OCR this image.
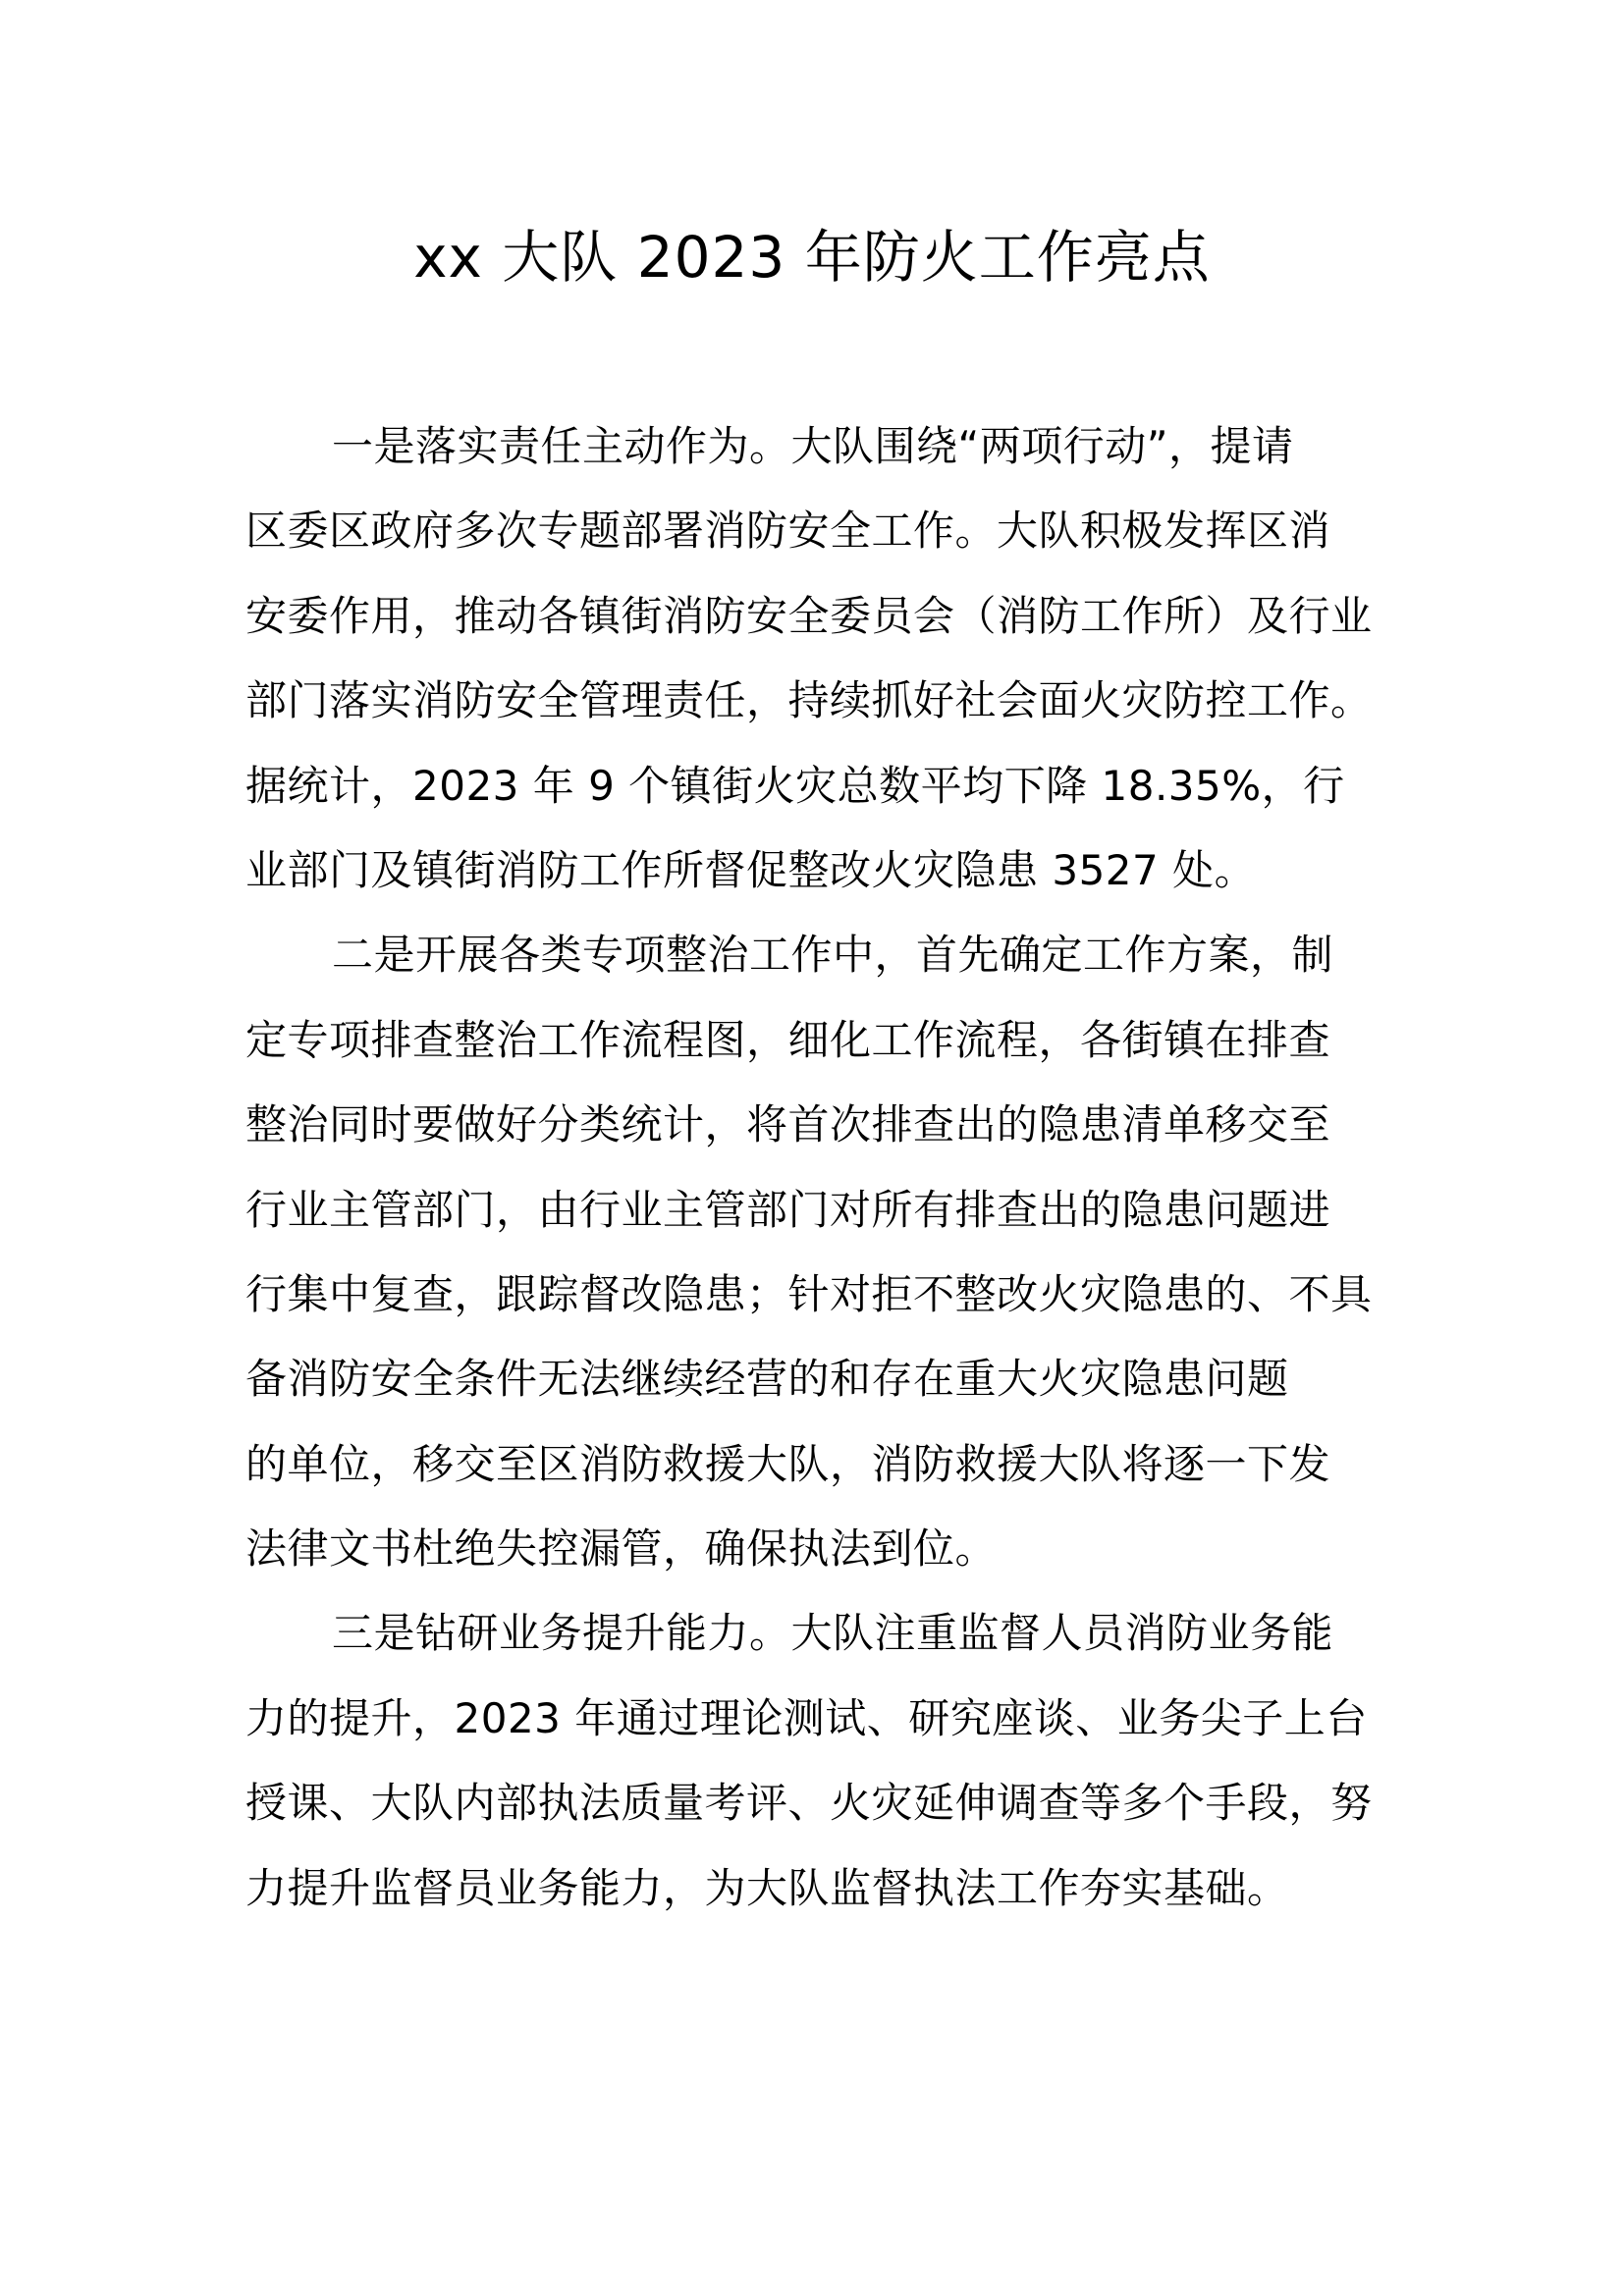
xx 大队 2023 年防火工作亮点
一是落实责任主动作为。大队围绕“两项行动”，提请
区委区政府多次专题部署消防安全工作。大队积极发挥区消
安委作用，推动各镇街消防安全委员会（消防工作所）及行业
部门落实消防安全管理责任，持续抓好社会面火灾防控工作。
据统计，2023 年 9 个镇街火灾总数平均下降 18.35%，行
业部门及镇街消防工作所督促整改火灾隐患 3527 处。
二是开展各类专项整治工作中，首先确定工作方案，制
定专项排查整治工作流程图，细化工作流程，各街镇在排查
整治同时要做好分类统计，将首次排查出的隐患清单移交至
行业主管部门，由行业主管部门对所有排查出的隐患问题进
行集中复查，跟踪督改隐患；针对拒不整改火灾隐患的、不具
备消防安全条件无法继续经营的和存在重大火灾隐患问题
的单位，移交至区消防救援大队，消防救援大队将逐一下发
法律文书杜绝失控漏管，确保执法到位。
三是钻研业务提升能力。大队注重监督人员消防业务能
力的提升，2023 年通过理论测试、研究座谈、业务尖子上台
授课、大队内部执法质量考评、火灾延伸调查等多个手段，努
力提升监督员业务能力，为大队监督执法工作夯实基础。
